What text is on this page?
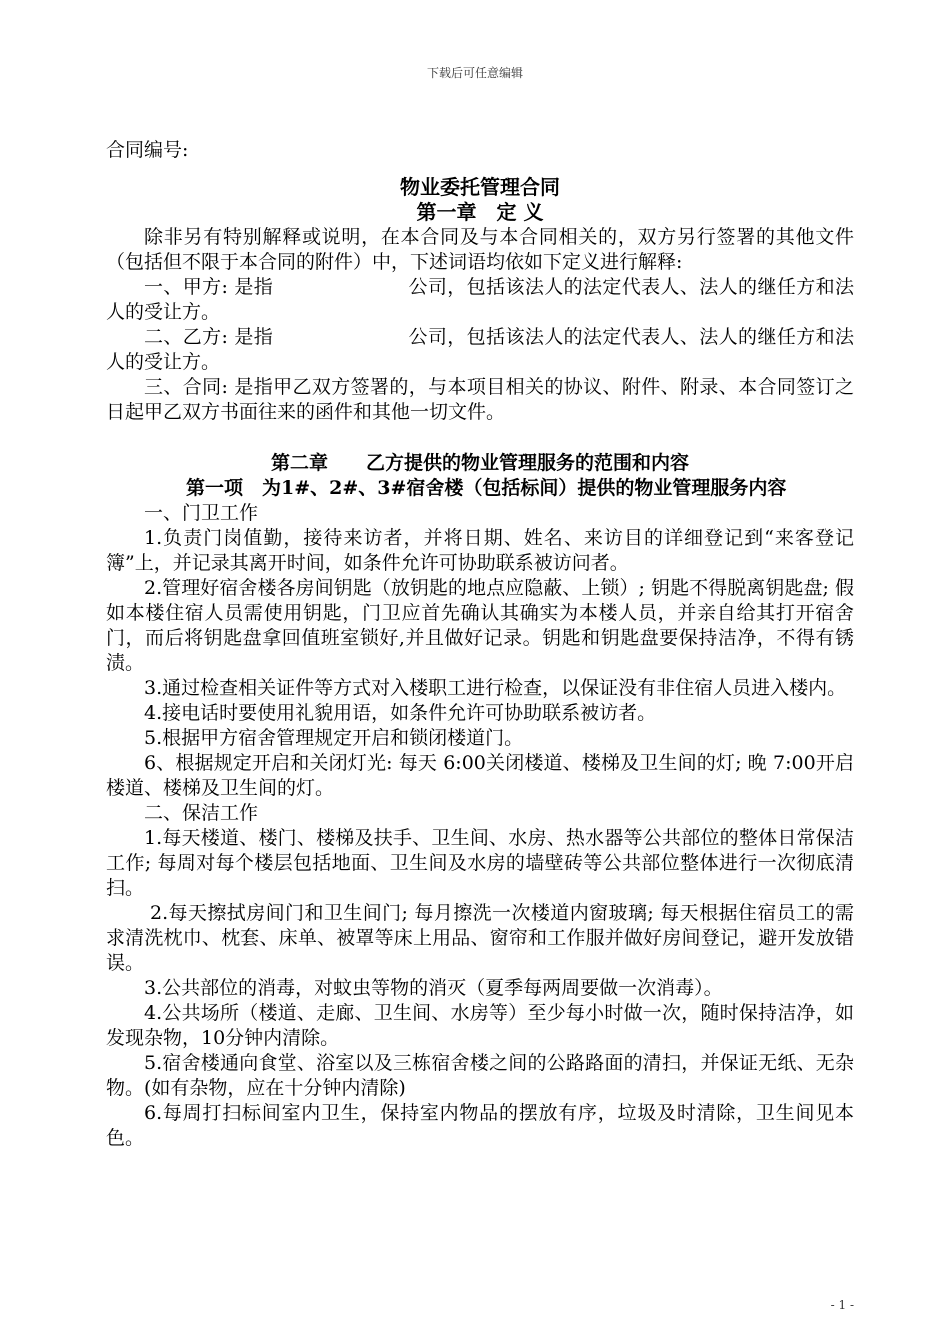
下载后可任意编辑

合同编号:

物业委托管理合同

第一章　定 义

除非另有特别解释或说明，在本合同及与本合同相关的，双方另行签署的其他文件（包括但不限于本合同的附件）中，下述词语均依如下定义进行解释:

一、甲方: 是指	公司，包括该法人的法定代表人、法人的继任方和法人的受让方。

二、乙方: 是指	公司，包括该法人的法定代表人、法人的继任方和法人的受让方。

三、合同: 是指甲乙双方签署的，与本项目相关的协议、附件、附录、本合同签订之日起甲乙双方书面往来的函件和其他一切文件。

第二章　　乙方提供的物业管理服务的范围和内容

第一项　为1#、2#、3#宿舍楼（包括标间）提供的物业管理服务内容

一、门卫工作

1.负责门岗值勤，接待来访者，并将日期、姓名、来访目的详细登记到“来客登记簿”上，并记录其离开时间，如条件允许可协助联系被访问者。

2.管理好宿舍楼各房间钥匙（放钥匙的地点应隐蔽、上锁）; 钥匙不得脱离钥匙盘; 假如本楼住宿人员需使用钥匙，门卫应首先确认其确实为本楼人员，并亲自给其打开宿舍门，而后将钥匙盘拿回值班室锁好,并且做好记录。钥匙和钥匙盘要保持洁净，不得有锈渍。

3.通过检查相关证件等方式对入楼职工进行检查，以保证没有非住宿人员进入楼内。

4.接电话时要使用礼貌用语，如条件允许可协助联系被访者。

5.根据甲方宿舍管理规定开启和锁闭楼道门。

6、根据规定开启和关闭灯光: 每天 6:00关闭楼道、楼梯及卫生间的灯; 晚 7:00开启楼道、楼梯及卫生间的灯。

二、保洁工作

1.每天楼道、楼门、楼梯及扶手、卫生间、水房、热水器等公共部位的整体日常保洁工作; 每周对每个楼层包括地面、卫生间及水房的墙壁砖等公共部位整体进行一次彻底清扫。

2.每天擦拭房间门和卫生间门; 每月擦洗一次楼道内窗玻璃; 每天根据住宿员工的需求清洗枕巾、枕套、床单、被罩等床上用品、窗帘和工作服并做好房间登记，避开发放错误。

3.公共部位的消毒，对蚊虫等物的消灭（夏季每两周要做一次消毒）。

4.公共场所（楼道、走廊、卫生间、水房等）至少每小时做一次，随时保持洁净，如发现杂物，10分钟内清除。

5.宿舍楼通向食堂、浴室以及三栋宿舍楼之间的公路路面的清扫，并保证无纸、无杂物。(如有杂物，应在十分钟内清除)

6.每周打扫标间室内卫生，保持室内物品的摆放有序，垃圾及时清除，卫生间见本色。

- 1 -
